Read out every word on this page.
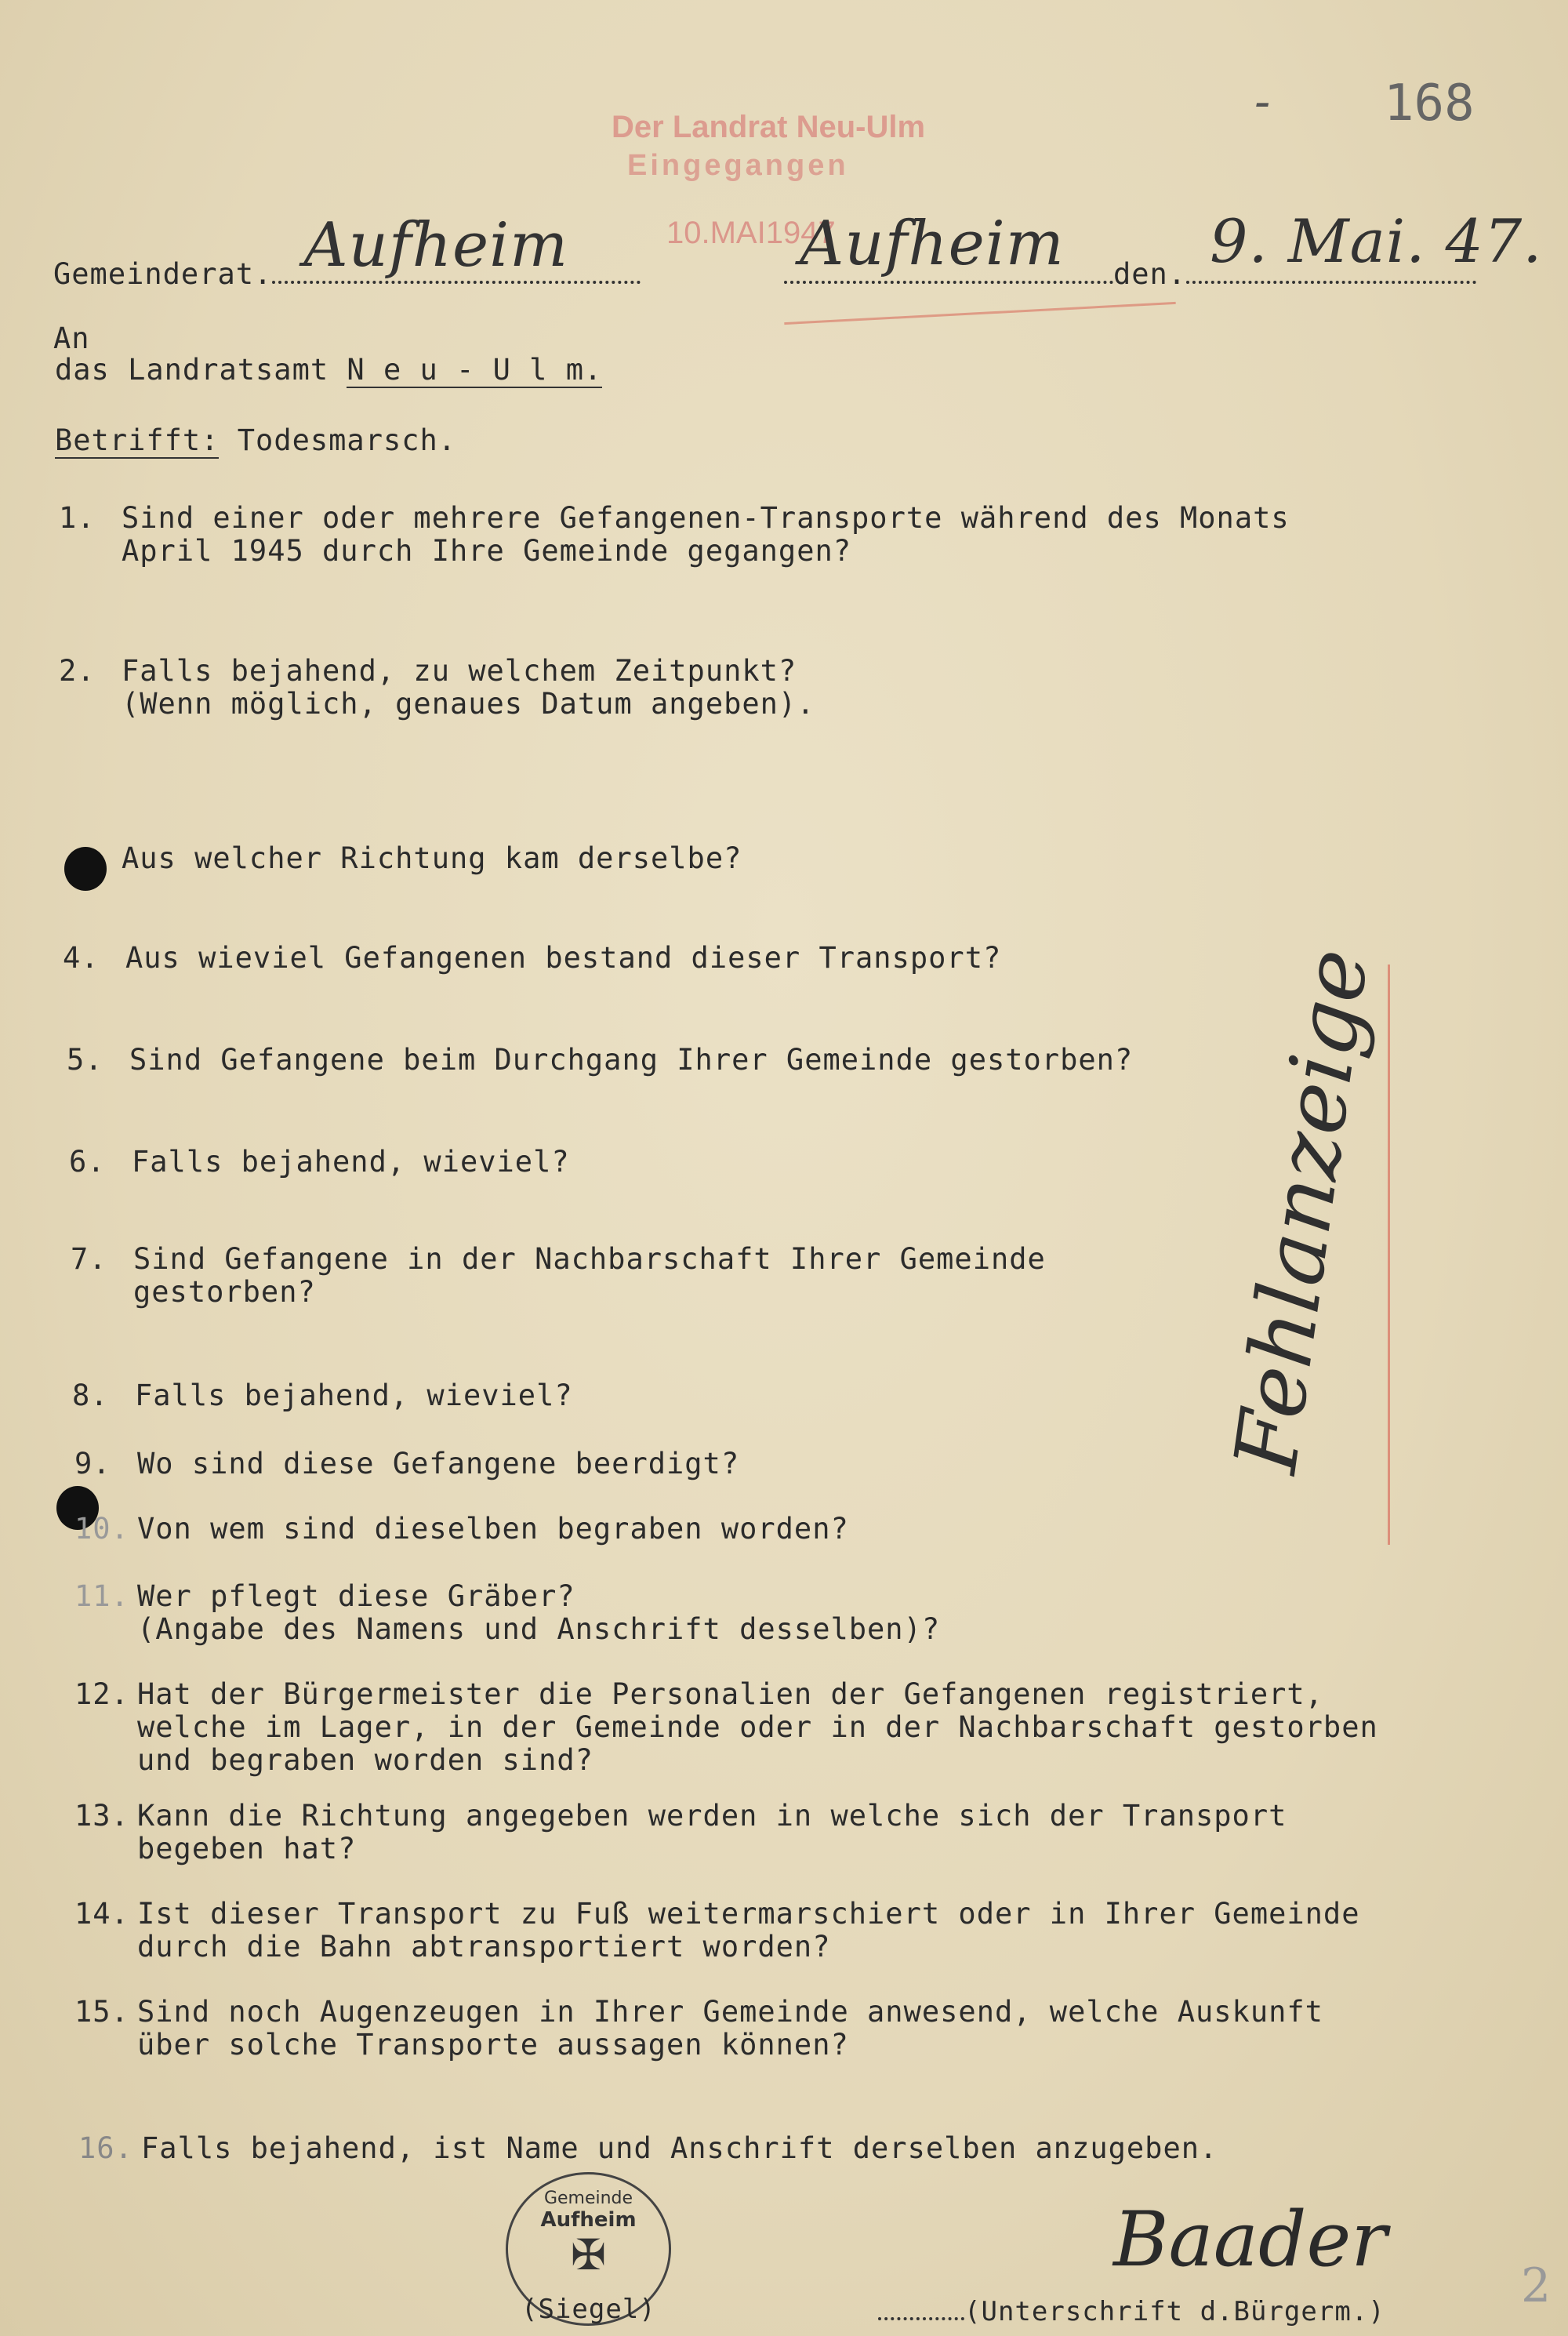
- 168
Der Landrat Neu-Ulm
Eingegangen
10.MAI1947
Gemeinderat. Aufheim	Aufheim den. 9. Mai. 47.
An
das Landratsamt N e u - U l m.
Betrifft: Todesmarsch.
1. Sind einer oder mehrere Gefangenen-Transporte während des Monats
April 1945 durch Ihre Gemeinde gegangen?
2. Falls bejahend, zu welchem Zeitpunkt?
(Wenn möglich, genaues Datum angeben).
Aus welcher Richtung kam derselbe?
4. Aus wieviel Gefangenen bestand dieser Transport?
5. Sind Gefangene beim Durchgang Ihrer Gemeinde gestorben?
6. Falls bejahend, wieviel?
7. Sind Gefangene in der Nachbarschaft Ihrer Gemeinde
gestorben?
8. Falls bejahend, wieviel?
9. Wo sind diese Gefangene beerdigt?
10. Von wem sind dieselben begraben worden?
11. Wer pflegt diese Gräber?
(Angabe des Namens und Anschrift desselben)?
12. Hat der Bürgermeister die Personalien der Gefangenen registriert,
welche im Lager, in der Gemeinde oder in der Nachbarschaft gestorben
und begraben worden sind?
13. Kann die Richtung angegeben werden in welche sich der Transport
begeben hat?
14. Ist dieser Transport zu Fuß weitermarschiert oder in Ihrer Gemeinde
durch die Bahn abtransportiert worden?
15. Sind noch Augenzeugen in Ihrer Gemeinde anwesend, welche Auskunft
über solche Transporte aussagen können?
16. Falls bejahend, ist Name und Anschrift derselben anzugeben.
Fehlanzeige
Gemeinde
Aufheim
✠
(Siegel)
Baader
(Unterschrift d.Bürgerm.)	2
